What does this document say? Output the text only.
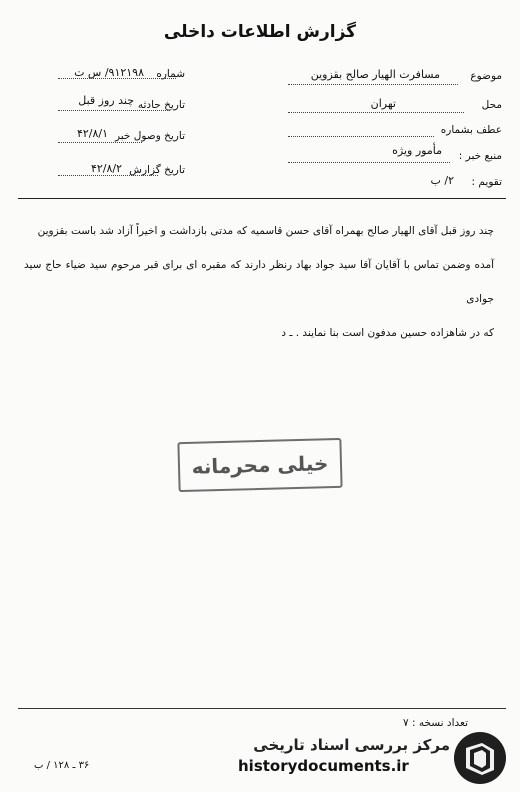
گزارش اطلاعات داخلی
موضوع
مسافرت الهیار صالح بقزوین
محل
تهران
عطف بشماره
منبع خبر :
مأمور ویژه
تقویم :
۲/ ب
شماره
۹۱۲۱۹۸/ س ت
تاریخ حادثه
چند روز قبل
تاریخ وصول خبر
۴۲/۸/۱
تاریخ گزارش
۴۲/۸/۲

چند روز قبل آقای الهیار صالح بهمراه آقای حسن قاسمیه که مدتی بازداشت و اخیراً آزاد شد باست بقزوین

آمده وضمن تماس با آقایان آقا سید جواد بهاد رنظر دارند که مقبره ای برای قبر مرحوم سید ضیاء حاج سید جوادی

که در شاهزاده حسین مدفون است بنا نمایند . ـ د

خیلی محرمانه
تعداد نسخه : ۷
۳۶ ـ ۱۲۸ / ب
مرکز بررسی اسناد تاریخی
historydocuments.ir
